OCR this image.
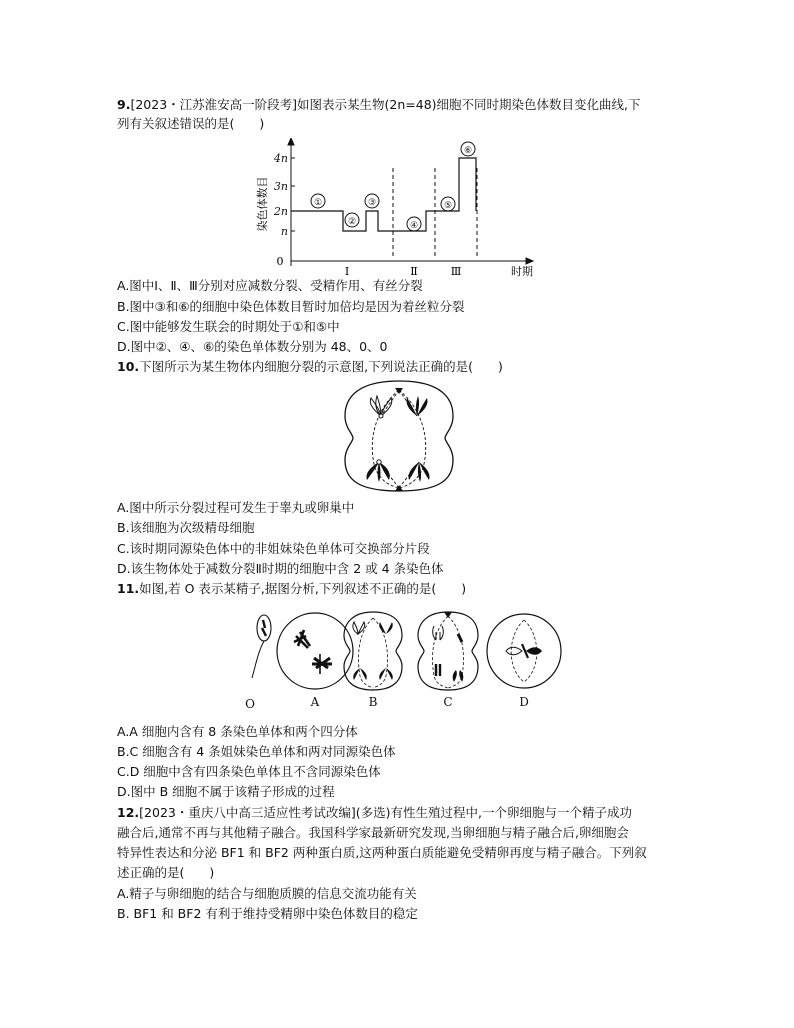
9.[2023・江苏淮安高一阶段考]如图表示某生物(2n=48)细胞不同时期染色体数目变化曲线,下
列有关叙述错误的是(　　)
①
②
③
④
⑤
⑥
4n
3n
2n
n
0
染色体数目
Ⅰ	Ⅱ	Ⅲ	时期
A.图中Ⅰ、Ⅱ、Ⅲ分别对应减数分裂、受精作用、有丝分裂
B.图中③和⑥的细胞中染色体数目暂时加倍均是因为着丝粒分裂
C.图中能够发生联会的时期处于①和⑤中
D.图中②、④、⑥的染色单体数分别为 48、0、0
10.下图所示为某生物体内细胞分裂的示意图,下列说法正确的是(　　)
A.图中所示分裂过程可发生于睾丸或卵巢中
B.该细胞为次级精母细胞
C.该时期同源染色体中的非姐妹染色单体可交换部分片段
D.该生物体处于减数分裂Ⅱ时期的细胞中含 2 或 4 条染色体
11.如图,若 O 表示某精子,据图分析,下列叙述不正确的是(　　)
O	A	B	C	D
A.A 细胞内含有 8 条染色单体和两个四分体
B.C 细胞含有 4 条姐妹染色单体和两对同源染色体
C.D 细胞中含有四条染色单体且不含同源染色体
D.图中 B 细胞不属于该精子形成的过程
12.[2023・重庆八中高三适应性考试改编](多选)有性生殖过程中,一个卵细胞与一个精子成功
融合后,通常不再与其他精子融合。我国科学家最新研究发现,当卵细胞与精子融合后,卵细胞会
特异性表达和分泌 BF1 和 BF2 两种蛋白质,这两种蛋白质能避免受精卵再度与精子融合。下列叙
述正确的是(　　)
A.精子与卵细胞的结合与细胞质膜的信息交流功能有关
B. BF1 和 BF2 有利于维持受精卵中染色体数目的稳定
